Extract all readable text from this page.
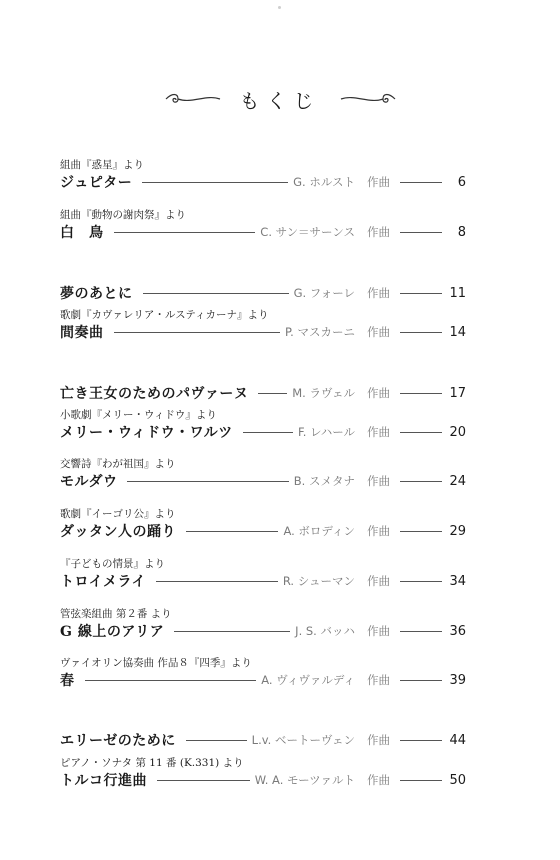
もくじ
組曲『惑星』より
ジュピター	G. ホルスト 作曲	6
組曲『動物の謝肉祭』より
白　鳥	C. サン＝サーンス 作曲	8
夢のあとに	G. フォーレ 作曲	11
歌劇『カヴァレリア・ルスティカーナ』より
間奏曲	P. マスカーニ 作曲	14
亡き王女のためのパヴァーヌ	M. ラヴェル 作曲	17
小歌劇『メリー・ウィドウ』より
メリー・ウィドウ・ワルツ	F. レハール 作曲	20
交響詩『わが祖国』より
モルダウ	B. スメタナ 作曲	24
歌劇『イーゴリ公』より
ダッタン人の踊り	A. ボロディン 作曲	29
『子どもの情景』より
トロイメライ	R. シューマン 作曲	34
管弦楽組曲 第２番 より
G 線上のアリア	J. S. バッハ 作曲	36
ヴァイオリン協奏曲 作品８『四季』より
春	A. ヴィヴァルディ 作曲	39
エリーゼのために	L.v. ベートーヴェン 作曲	44
ピアノ・ソナタ 第 11 番 (K.331) より
トルコ行進曲	W. A. モーツァルト 作曲	50
